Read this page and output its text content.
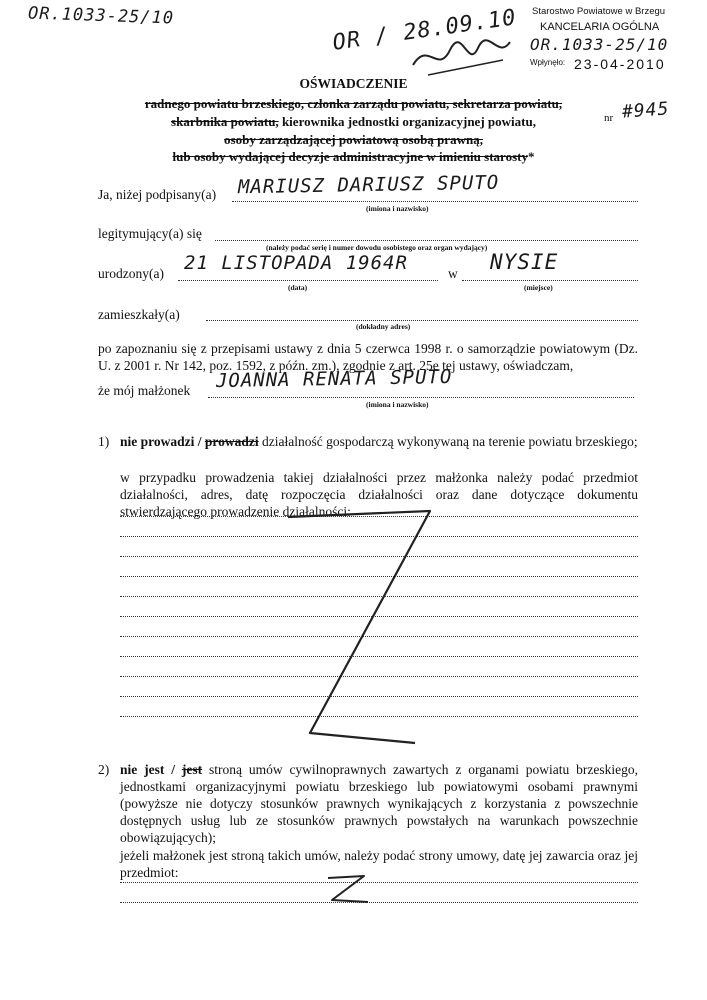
OR.1033-25/10	OR / 28.09.10 Starostwo Powiatowe w Brzegu
KANCELARIA OGÓLNA
OR.1033-25/10
Wpłynęło: 23-04-2010
OŚWIADCZENIE
radnego powiatu brzeskiego, członka zarządu powiatu, sekretarza powiatu,
skarbnika powiatu, kierownika jednostki organizacyjnej powiatu,
osoby zarządzającej powiatową osobą prawną,
lub osoby wydającej decyzje administracyjne w imieniu starosty*
nr #945
Ja, niżej podpisany(a) MARIUSZ DARIUSZ SPUTO
(imiona i nazwisko)
legitymujący(a) się
(należy podać serię i numer dowodu osobistego oraz organ wydający)
urodzony(a) 21 LISTOPADA 1964R
(data)
w NYSIE
(miejsce)
zamieszkały(a)
(dokładny adres)
po zapoznaniu się z przepisami ustawy z dnia 5 czerwca 1998 r. o samorządzie powiatowym (Dz. U. z 2001 r. Nr 142, poz. 1592, z późn. zm.), zgodnie z art. 25e tej ustawy, oświadczam,
że mój małżonek JOANNA RENATA SPUTO
(imiona i nazwisko)
1) nie prowadzi / prowadzi działalność gospodarczą wykonywaną na terenie powiatu brzeskiego;
w przypadku prowadzenia takiej działalności przez małżonka należy podać przedmiot działalności, adres, datę rozpoczęcia działalności oraz dane dotyczące dokumentu stwierdzającego prowadzenie działalności:
2) nie jest / jest stroną umów cywilnoprawnych zawartych z organami powiatu brzeskiego, jednostkami organizacyjnymi powiatu brzeskiego lub powiatowymi osobami prawnymi (powyższe nie dotyczy stosunków prawnych wynikających z korzystania z powszechnie dostępnych usług lub ze stosunków prawnych powstałych na warunkach powszechnie obowiązujących);
jeżeli małżonek jest stroną takich umów, należy podać strony umowy, datę jej zawarcia oraz jej przedmiot:
